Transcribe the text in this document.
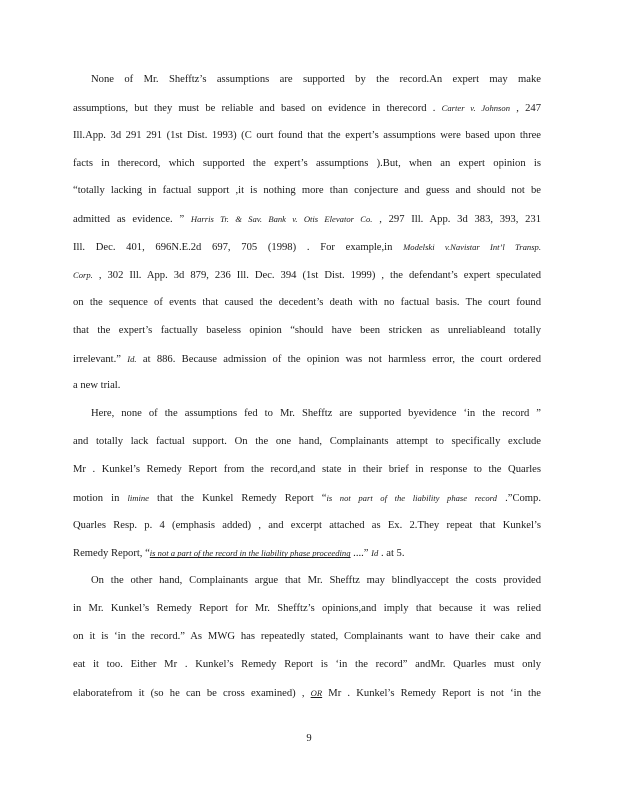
None of Mr. Shefftz’s assumptions are supported by the record.An expert may make
assumptions, but they must be reliable and based on evidence in therecord . Carter v. Johnson , 247
Ill.App. 3d 291 291 (1st Dist. 1993) (C ourt found that the expert’s assumptions were based upon three
facts in therecord, which supported the expert’s assumptions ).But, when an expert opinion is
“totally lacking in factual support ,it is nothing more than conjecture and guess and should not be
admitted as evidence. ” Harris Tr. & Sav. Bank v. Otis Elevator Co. , 297 Ill. App. 3d 383, 393, 231
Ill. Dec. 401, 696N.E.2d 697, 705 (1998) . For example,in Modelski v.Navistar Int’l Transp.
Corp. , 302 Ill. App. 3d 879, 236 Ill. Dec. 394 (1st Dist. 1999) , the defendant’s expert speculated
on the sequence of events that caused the decedent’s death with no factual basis. The court found
that the expert’s factually baseless opinion “should have been stricken as unreliableand totally
irrelevant.” Id. at 886. Because admission of the opinion was not harmless error, the court ordered
a new trial.
Here, none of the assumptions fed to Mr. Shefftz are supported byevidence ‘in the record ”
and totally lack factual support. On the one hand, Complainants attempt to specifically exclude
Mr . Kunkel’s Remedy Report from the record,and state in their brief in response to the Quarles
motion in limine that the Kunkel Remedy Report “is not part of the liability phase record .”Comp.
Quarles Resp. p. 4 (emphasis added) , and excerpt attached as Ex. 2.They repeat that Kunkel’s
Remedy Report, “is not a part of the record in the liability phase proceeding ....” Id . at 5.
On the other hand, Complainants argue that Mr. Shefftz may blindlyaccept the costs provided
in Mr. Kunkel’s Remedy Report for Mr. Shefftz’s opinions,and imply that because it was relied
on it is ‘in the record.” As MWG has repeatedly stated, Complainants want to have their cake and
eat it too. Either Mr . Kunkel’s Remedy Report is ‘in the record” andMr. Quarles must only
elaboratefrom it (so he can be cross examined) , OR Mr . Kunkel’s Remedy Report is not ‘in the
9
